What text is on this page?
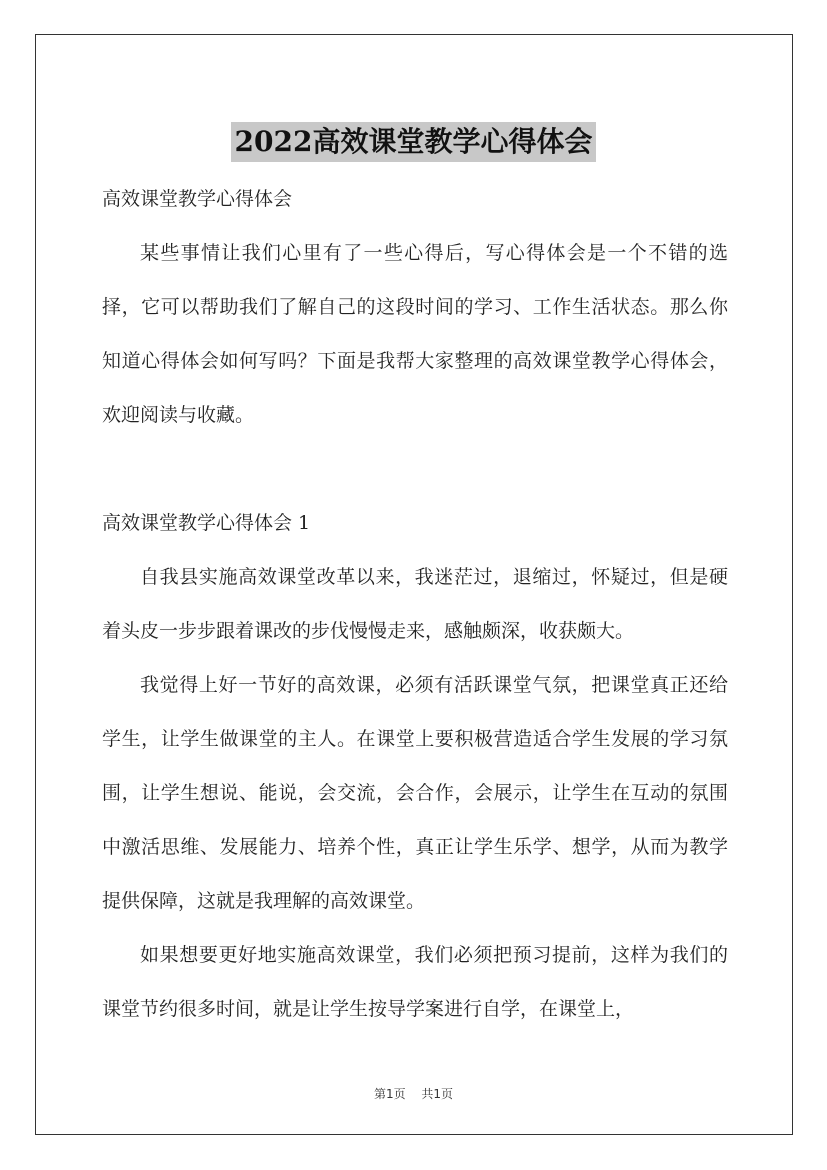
2022高效课堂教学心得体会

高效课堂教学心得体会

某些事情让我们心里有了一些心得后，写心得体会是一个不错的选择，它可以帮助我们了解自己的这段时间的学习、工作生活状态。那么你知道心得体会如何写吗？下面是我帮大家整理的高效课堂教学心得体会，欢迎阅读与收藏。

高效课堂教学心得体会 1

自我县实施高效课堂改革以来，我迷茫过，退缩过，怀疑过，但是硬着头皮一步步跟着课改的步伐慢慢走来，感触颇深，收获颇大。

我觉得上好一节好的高效课，必须有活跃课堂气氛，把课堂真正还给学生，让学生做课堂的主人。在课堂上要积极营造适合学生发展的学习氛围，让学生想说、能说，会交流，会合作，会展示，让学生在互动的氛围中激活思维、发展能力、培养个性，真正让学生乐学、想学，从而为教学提供保障，这就是我理解的高效课堂。

如果想要更好地实施高效课堂，我们必须把预习提前，这样为我们的课堂节约很多时间，就是让学生按导学案进行自学，在课堂上，

第1页 共1页
